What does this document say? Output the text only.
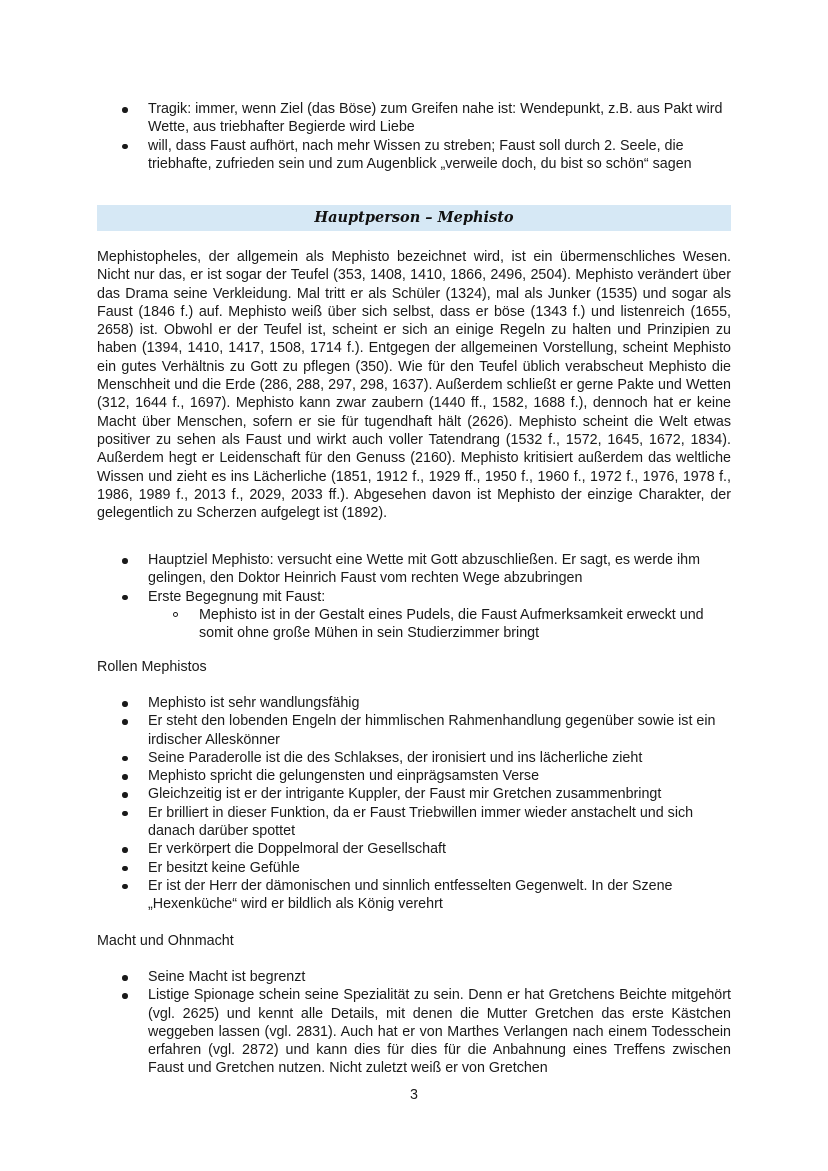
Tragik: immer, wenn Ziel (das Böse) zum Greifen nahe ist: Wendepunkt, z.B. aus Pakt wird Wette, aus triebhafter Begierde wird Liebe
will, dass Faust aufhört, nach mehr Wissen zu streben; Faust soll durch 2. Seele, die triebhafte, zufrieden sein und zum Augenblick „verweile doch, du bist so schön“ sagen
Hauptperson – Mephisto

Mephistopheles, der allgemein als Mephisto bezeichnet wird, ist ein übermenschliches Wesen. Nicht nur das, er ist sogar der Teufel (353, 1408, 1410, 1866, 2496, 2504). Mephisto verändert über das Drama seine Verkleidung. Mal tritt er als Schüler (1324), mal als Junker (1535) und sogar als Faust (1846 f.) auf. Mephisto weiß über sich selbst, dass er böse (1343 f.) und listenreich (1655, 2658) ist. Obwohl er der Teufel ist, scheint er sich an einige Regeln zu halten und Prinzipien zu haben (1394, 1410, 1417, 1508, 1714 f.). Entgegen der allgemeinen Vorstellung, scheint Mephisto ein gutes Verhältnis zu Gott zu pflegen (350). Wie für den Teufel üblich verabscheut Mephisto die Menschheit und die Erde (286, 288, 297, 298, 1637). Außerdem schließt er gerne Pakte und Wetten (312, 1644 f., 1697). Mephisto kann zwar zaubern (1440 ff., 1582, 1688 f.), dennoch hat er keine Macht über Menschen, sofern er sie für tugendhaft hält (2626). Mephisto scheint die Welt etwas positiver zu sehen als Faust und wirkt auch voller Tatendrang (1532 f., 1572, 1645, 1672, 1834). Außerdem hegt er Leidenschaft für den Genuss (2160). Mephisto kritisiert außerdem das weltliche Wissen und zieht es ins Lächerliche (1851, 1912 f., 1929 ff., 1950 f., 1960 f., 1972 f., 1976, 1978 f., 1986, 1989 f., 2013 f., 2029, 2033 ff.). Abgesehen davon ist Mephisto der einzige Charakter, der gelegentlich zu Scherzen aufgelegt ist (1892).

Hauptziel Mephisto: versucht eine Wette mit Gott abzuschließen. Er sagt, es werde ihm gelingen, den Doktor Heinrich Faust vom rechten Wege abzubringen
Erste Begegnung mit Faust:
Mephisto ist in der Gestalt eines Pudels, die Faust Aufmerksamkeit erweckt und somit ohne große Mühen in sein Studierzimmer bringt

Rollen Mephistos

Mephisto ist sehr wandlungsfähig
Er steht den lobenden Engeln der himmlischen Rahmenhandlung gegenüber sowie ist ein irdischer Alleskönner
Seine Paraderolle ist die des Schlakses, der ironisiert und ins lächerliche zieht
Mephisto spricht die gelungensten und einprägsamsten Verse
Gleichzeitig ist er der intrigante Kuppler, der Faust mir Gretchen zusammenbringt
Er brilliert in dieser Funktion, da er Faust Triebwillen immer wieder anstachelt und sich danach darüber spottet
Er verkörpert die Doppelmoral der Gesellschaft
Er besitzt keine Gefühle
Er ist der Herr der dämonischen und sinnlich entfesselten Gegenwelt. In der Szene „Hexenküche“ wird er bildlich als König verehrt

Macht und Ohnmacht

Seine Macht ist begrenzt
Listige Spionage schein seine Spezialität zu sein. Denn er hat Gretchens Beichte mitgehört (vgl. 2625) und kennt alle Details, mit denen die Mutter Gretchen das erste Kästchen weggeben lassen (vgl. 2831). Auch hat er von Marthes Verlangen nach einem Todesschein erfahren (vgl. 2872) und kann dies für dies für die Anbahnung eines Treffens zwischen Faust und Gretchen nutzen. Nicht zuletzt weiß er von Gretchen
3
